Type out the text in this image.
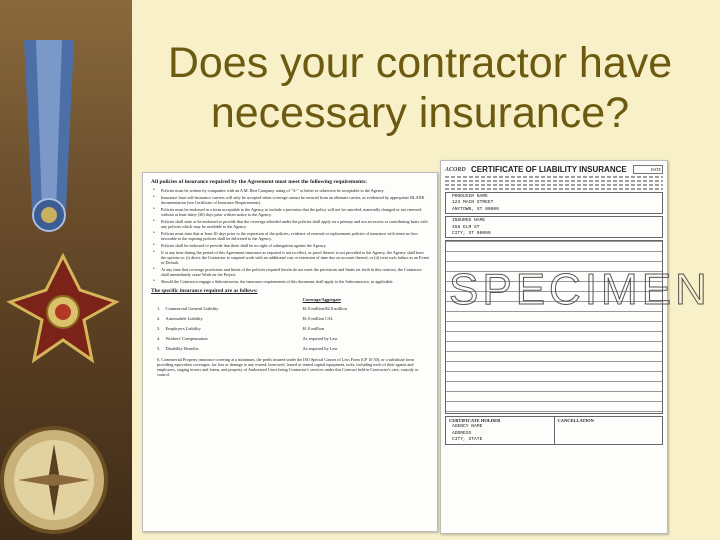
Does your contractor have
necessary insurance?
All policies of insurance required by the Agreement must meet the following requirements:
• Policies must be written by companies with an A.M. Best Company rating of "A-" or better or otherwise be acceptable to the Agency.
• Insurance from self-insurance carriers will only be accepted when coverage cannot be secured from an alternate carrier, as evidenced by appropriate BLANK documentation (see Certificate of Insurance Requirements).
• Policies must be endorsed in a form acceptable to the Agency to include a provision that the policy will not be canceled, materially changed or not renewed without at least thirty (30) days prior written notice to the Agency.
• Policies shall state or be endorsed to provide that the coverage afforded under the policies shall apply on a primary and not an excess or contributing basis with any policies which may be available to the Agency.
• Policies must state that at least 30 days prior to the expiration of the policies, evidence of renewal or replacement policies of insurance with terms no less favorable to the expiring policies shall be delivered to the Agency.
• Policies shall be endorsed to provide that there shall be no right of subrogation against the Agency.
• If at any time during the period of this Agreement insurance as required is not in effect, or proof thereof is not provided to the Agency, the Agency shall have the options to: (i) direct the Contractor to suspend work with no additional cost or extension of time due on account thereof; or (ii) treat such failure as an Event of Default.
• At any time that coverage provisions and limits of the policies required herein do not meet the provisions and limits set forth in this contract, the Contractor shall immediately cease Work on the Project.
• Should the Contractor engage a Subcontractor, the insurance requirements of this document shall apply to the Subcontractor, as applicable.
The specific insurance required are as follows:
		Coverage/Aggregate
1.	Commercial General Liability	$1.0 million/$2.0 million
2.	Automobile Liability	$1.0 million CSL
3.	Employers Liability	$1.0 million
4.	Workers' Compensation	As required by Law
5.	Disability Benefits	As required by Law
6. Commercial Property insurance covering at a minimum, the perils insured under the ISO Special Causes of Loss Form (CP 10 30), or a substitute form providing equivalent coverages, for loss or damage to any owned, borrowed, leased or rented capital equipment, tools, including tools of their agents and employees, staging towers and forms, and property of Authorized Users being Contractor's services under this Contract held in Contractor's care, custody or control.
ACORD CERTIFICATE OF LIABILITY INSURANCE	DATE
PRODUCER NAME
123 MAIN STREET
ANYTOWN, ST 00000
INSURED NAME
456 ELM ST
CITY, ST 00000
CERTIFICATE HOLDER
AGENCY NAME
ADDRESS
CITY, STATE
CANCELLATION
SPECIMEN
